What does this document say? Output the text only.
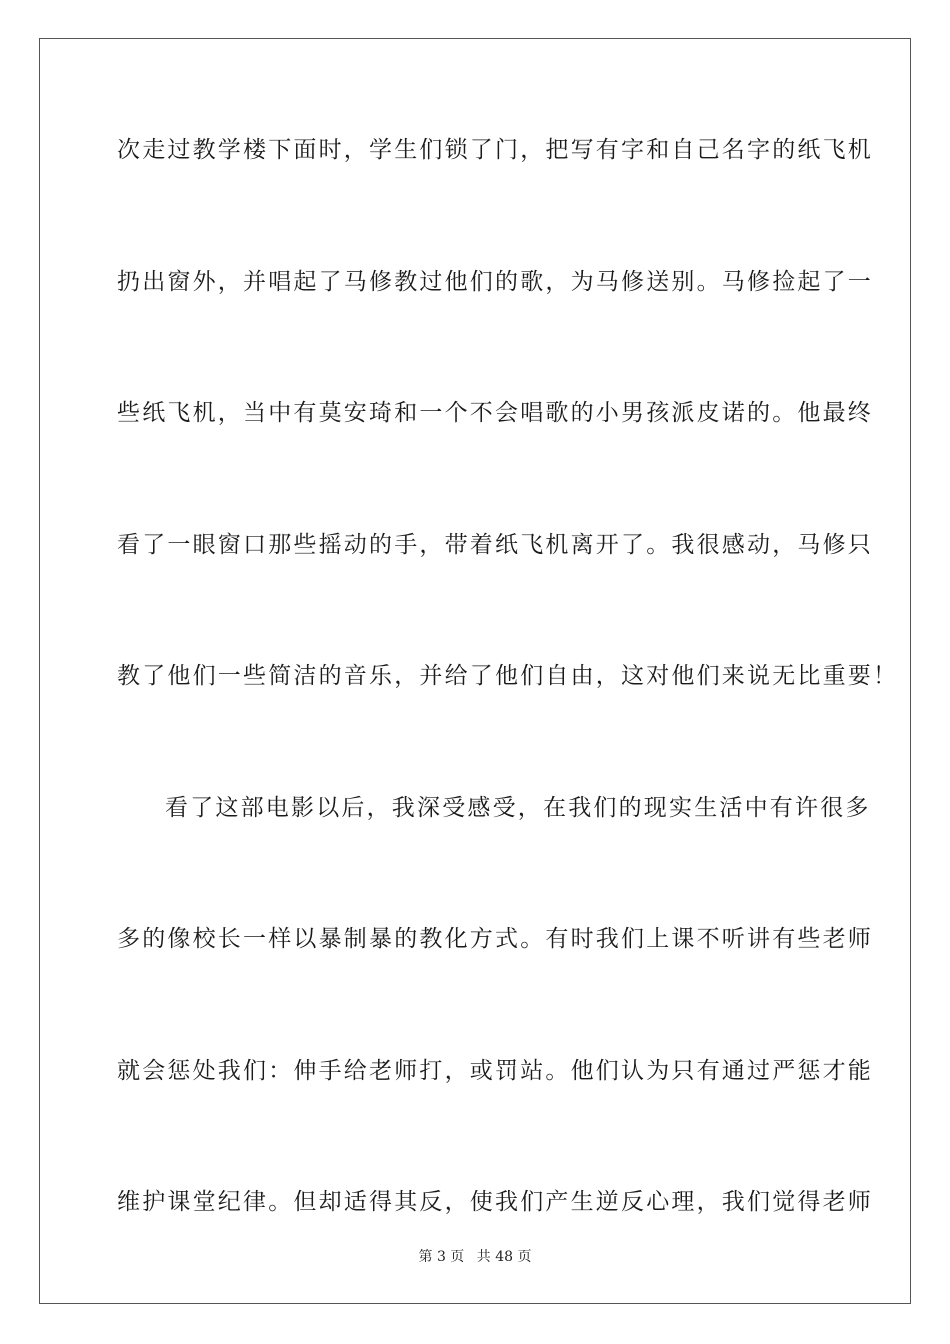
次走过教学楼下面时，学生们锁了门，把写有字和自己名字的纸飞机
扔出窗外，并唱起了马修教过他们的歌，为马修送别。马修捡起了一
些纸飞机，当中有莫安琦和一个不会唱歌的小男孩派皮诺的。他最终
看了一眼窗口那些摇动的手，带着纸飞机离开了。我很感动，马修只
教了他们一些简洁的音乐，并给了他们自由，这对他们来说无比重要！
看了这部电影以后，我深受感受，在我们的现实生活中有许很多
多的像校长一样以暴制暴的教化方式。有时我们上课不听讲有些老师
就会惩处我们：伸手给老师打，或罚站。他们认为只有通过严惩才能
维护课堂纪律。但却适得其反，使我们产生逆反心理，我们觉得老师
第 3 页 共 48 页
